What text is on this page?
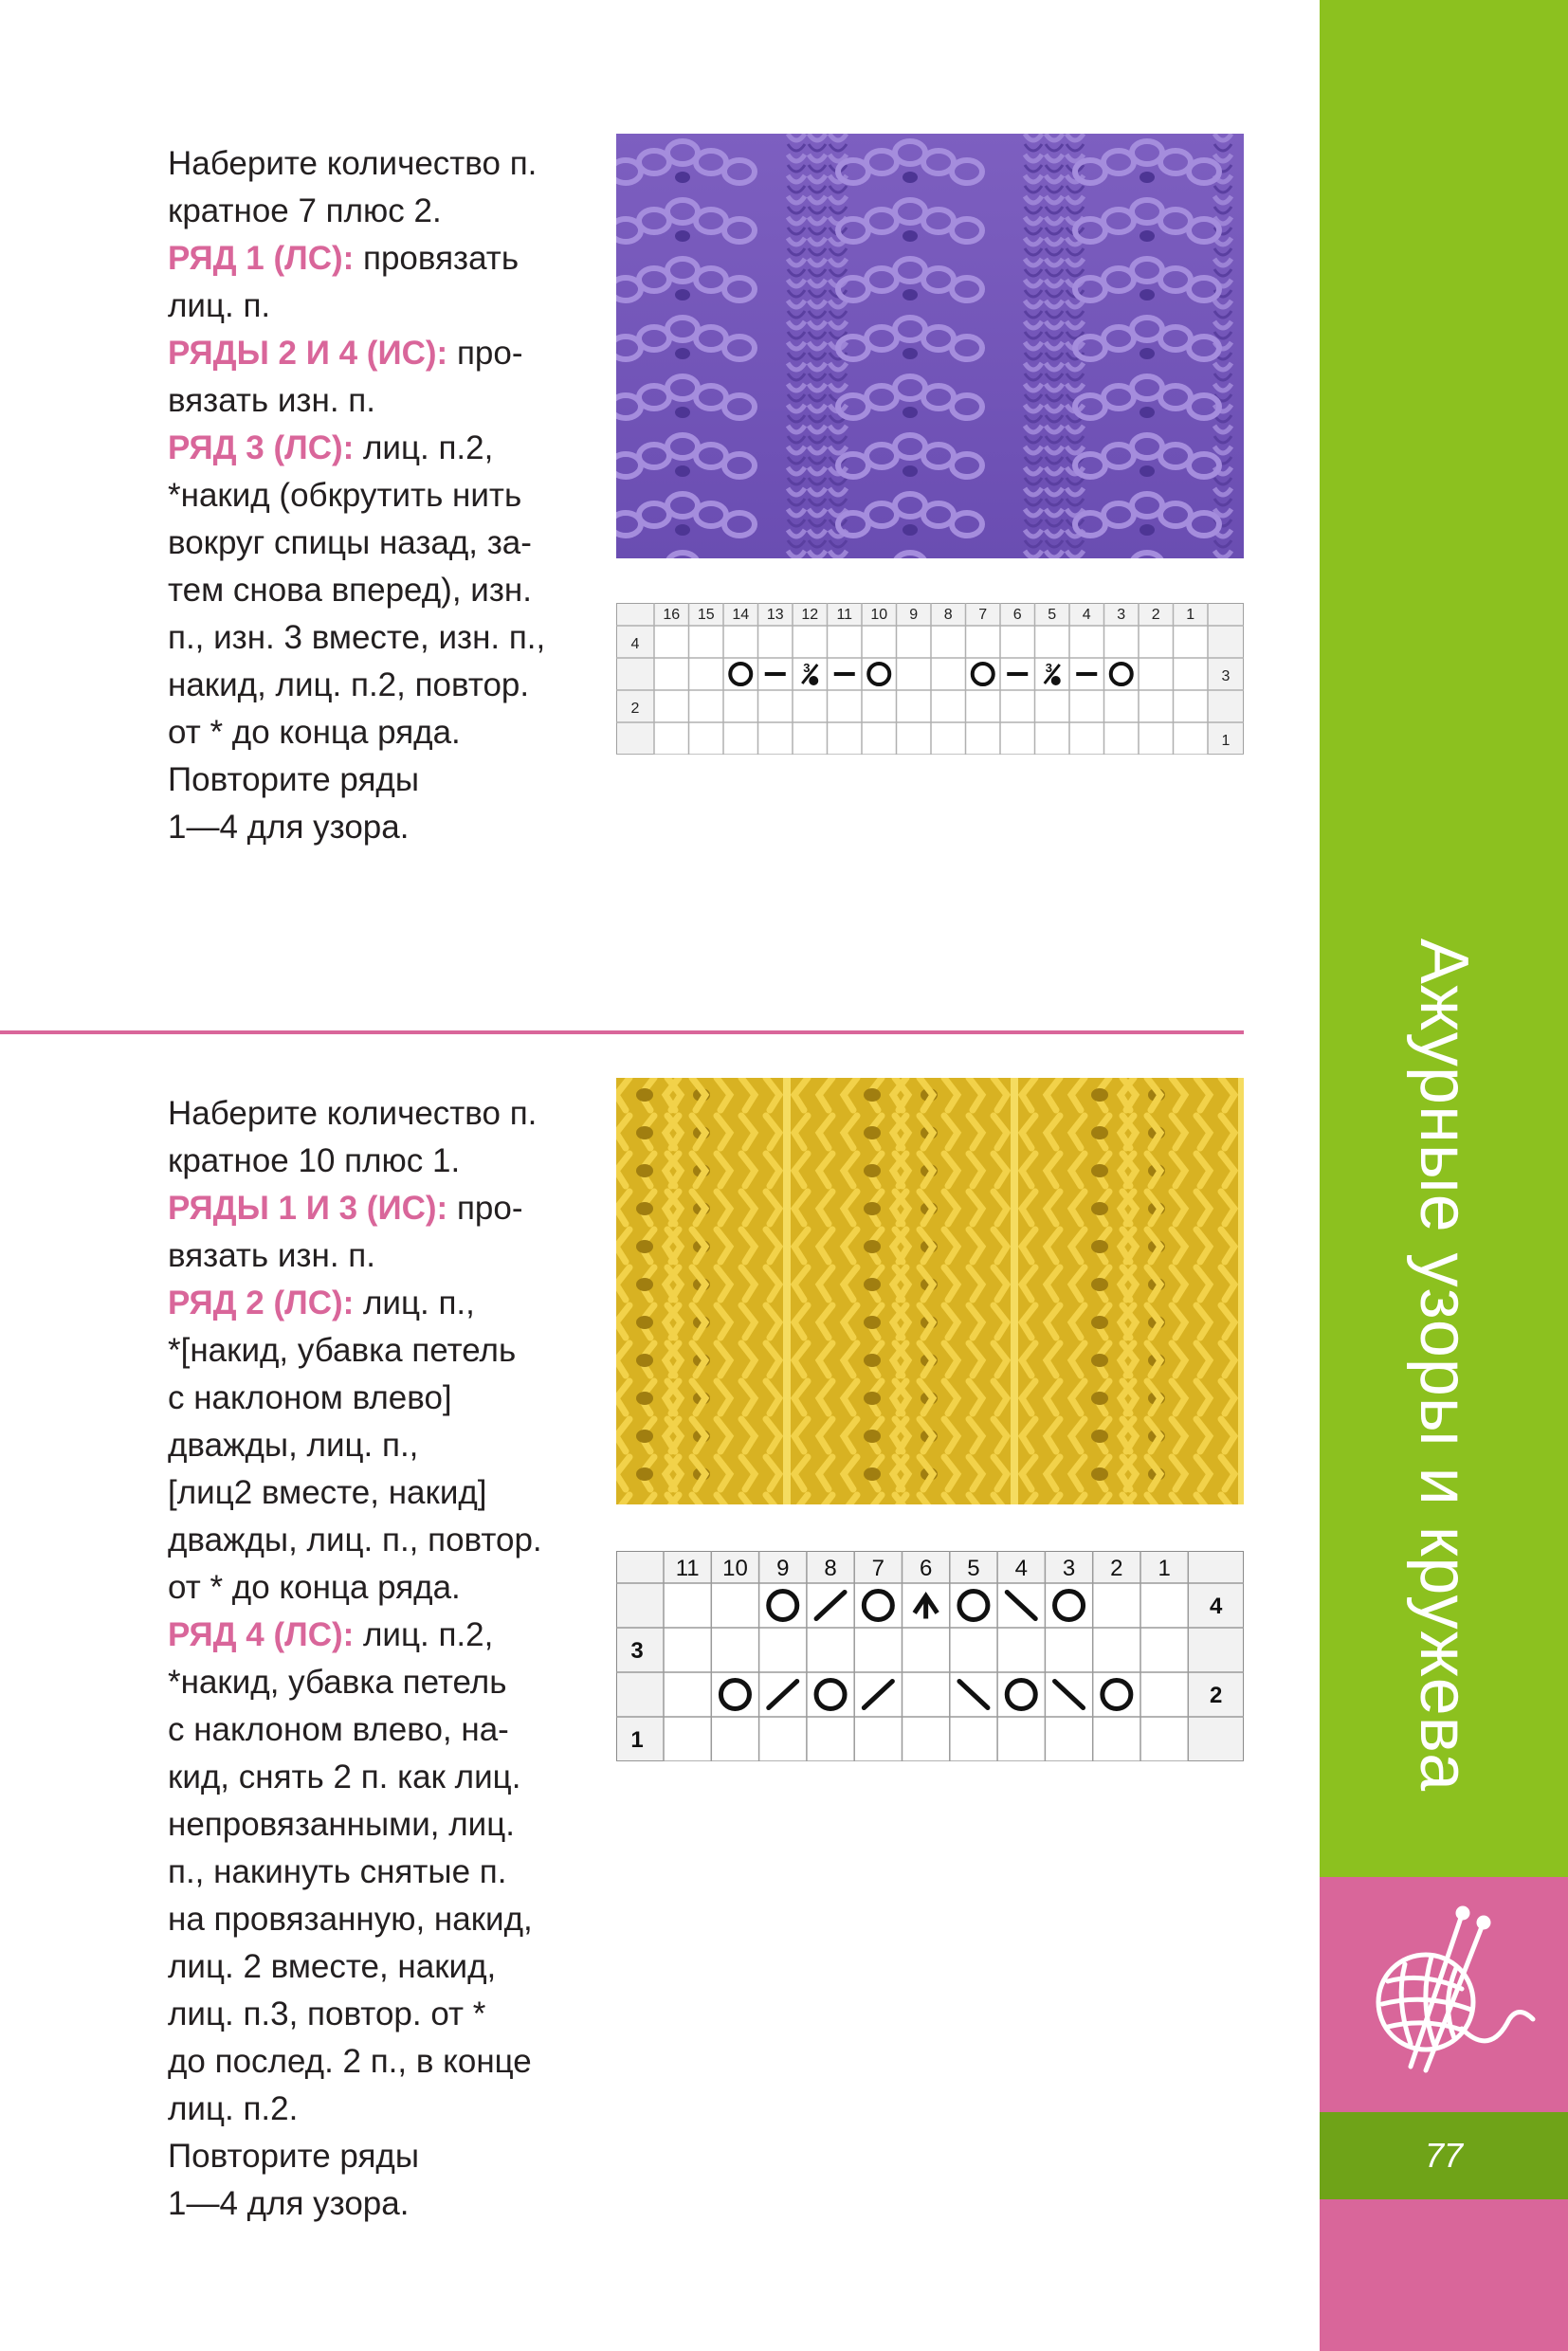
Наберите количество п.

кратное 7 плюс 2.

РЯД 1 (ЛС): провязать

лиц. п.

РЯДЫ 2 И 4 (ИС): про-

вязать изн. п.

РЯД 3 (ЛС): лиц. п.2,

*накид (обкрутить нить

вокруг спицы назад, за-

тем снова вперед), изн.

п., изн. 3 вместе, изн. п.,

накид, лиц. п.2, повтор.

от * до конца ряда.

Повторите ряды

1—4 для узора.

16 15 14 13 12 11 10 9 8 7 6 5 4 3 2 1
4
2
3
1
3	3

Наберите количество п.

кратное 10 плюс 1.

РЯДЫ 1 И 3 (ИС): про-

вязать изн. п.

РЯД 2 (ЛС): лиц. п.,

*[накид, убавка петель

с наклоном влево]

дважды, лиц. п.,

[лиц2 вместе, накид]

дважды, лиц. п., повтор.

от * до конца ряда.

РЯД 4 (ЛС): лиц. п.2,

*накид, убавка петель

с наклоном влево, на-

кид, снять 2 п. как лиц.

непровязанными, лиц.

п., накинуть снятые п.

на провязанную, накид,

лиц. 2 вместе, накид,

лиц. п.3, повтор. от *

до послед. 2 п., в конце

лиц. п.2.

Повторите ряды

1—4 для узора.

11 10 9 8 7 6 5 4 3 2 1
3
1
4
2	Ажурные узоры и кружева
77
